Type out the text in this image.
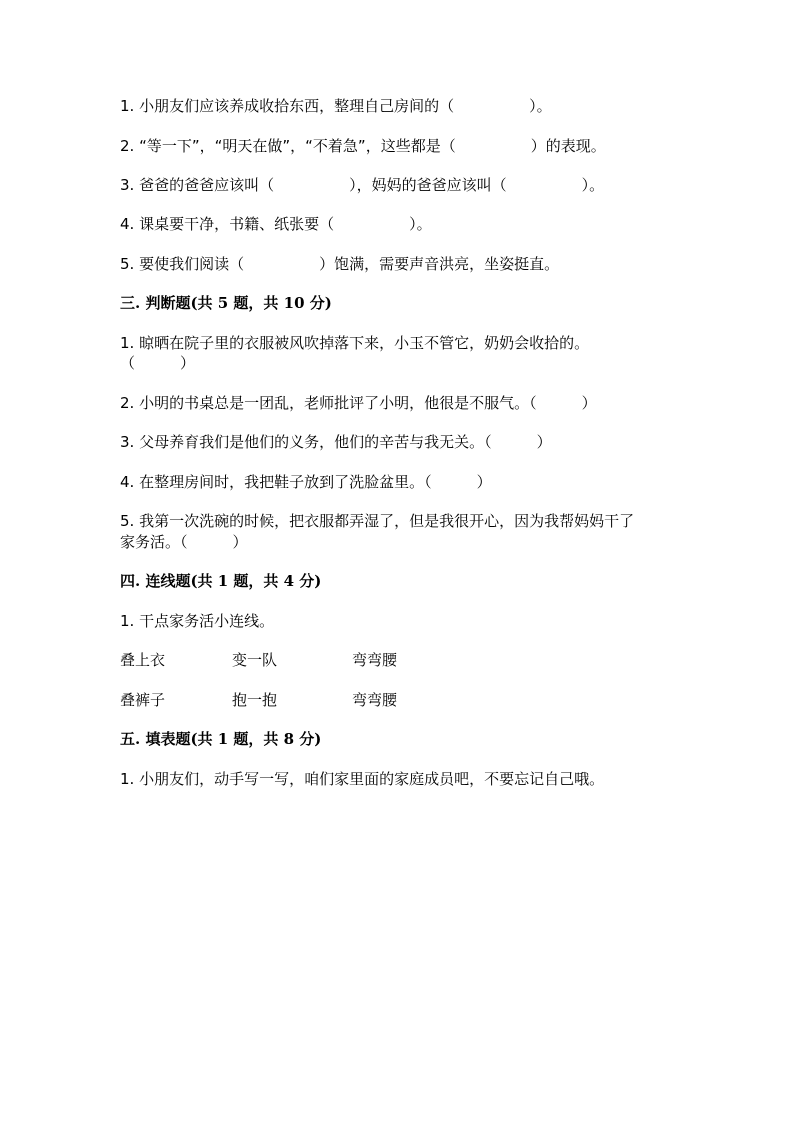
1. 小朋友们应该养成收拾东西，整理自己房间的（　　　　　）。
2. “等一下”，“明天在做”，“不着急”，这些都是（　　　　　）的表现。
3. 爸爸的爸爸应该叫（　　　　　），妈妈的爸爸应该叫（　　　　　）。
4. 课桌要干净，书籍、纸张要（　　　　　）。
5. 要使我们阅读（　　　　　）饱满，需要声音洪亮，坐姿挺直。
三. 判断题(共 5 题，共 10 分)
1. 晾晒在院子里的衣服被风吹掉落下来，小玉不管它，奶奶会收拾的。
（　　　）
2. 小明的书桌总是一团乱，老师批评了小明，他很是不服气。（　　　）
3. 父母养育我们是他们的义务，他们的辛苦与我无关。（　　　）
4. 在整理房间时，我把鞋子放到了洗脸盆里。（　　　）
5. 我第一次洗碗的时候，把衣服都弄湿了，但是我很开心，因为我帮妈妈干了
家务活。（　　　）
四. 连线题(共 1 题，共 4 分)
1. 干点家务活小连线。
叠上衣	变一队	弯弯腰
叠裤子	抱一抱	弯弯腰
五. 填表题(共 1 题，共 8 分)
1. 小朋友们，动手写一写，咱们家里面的家庭成员吧，不要忘记自己哦。
